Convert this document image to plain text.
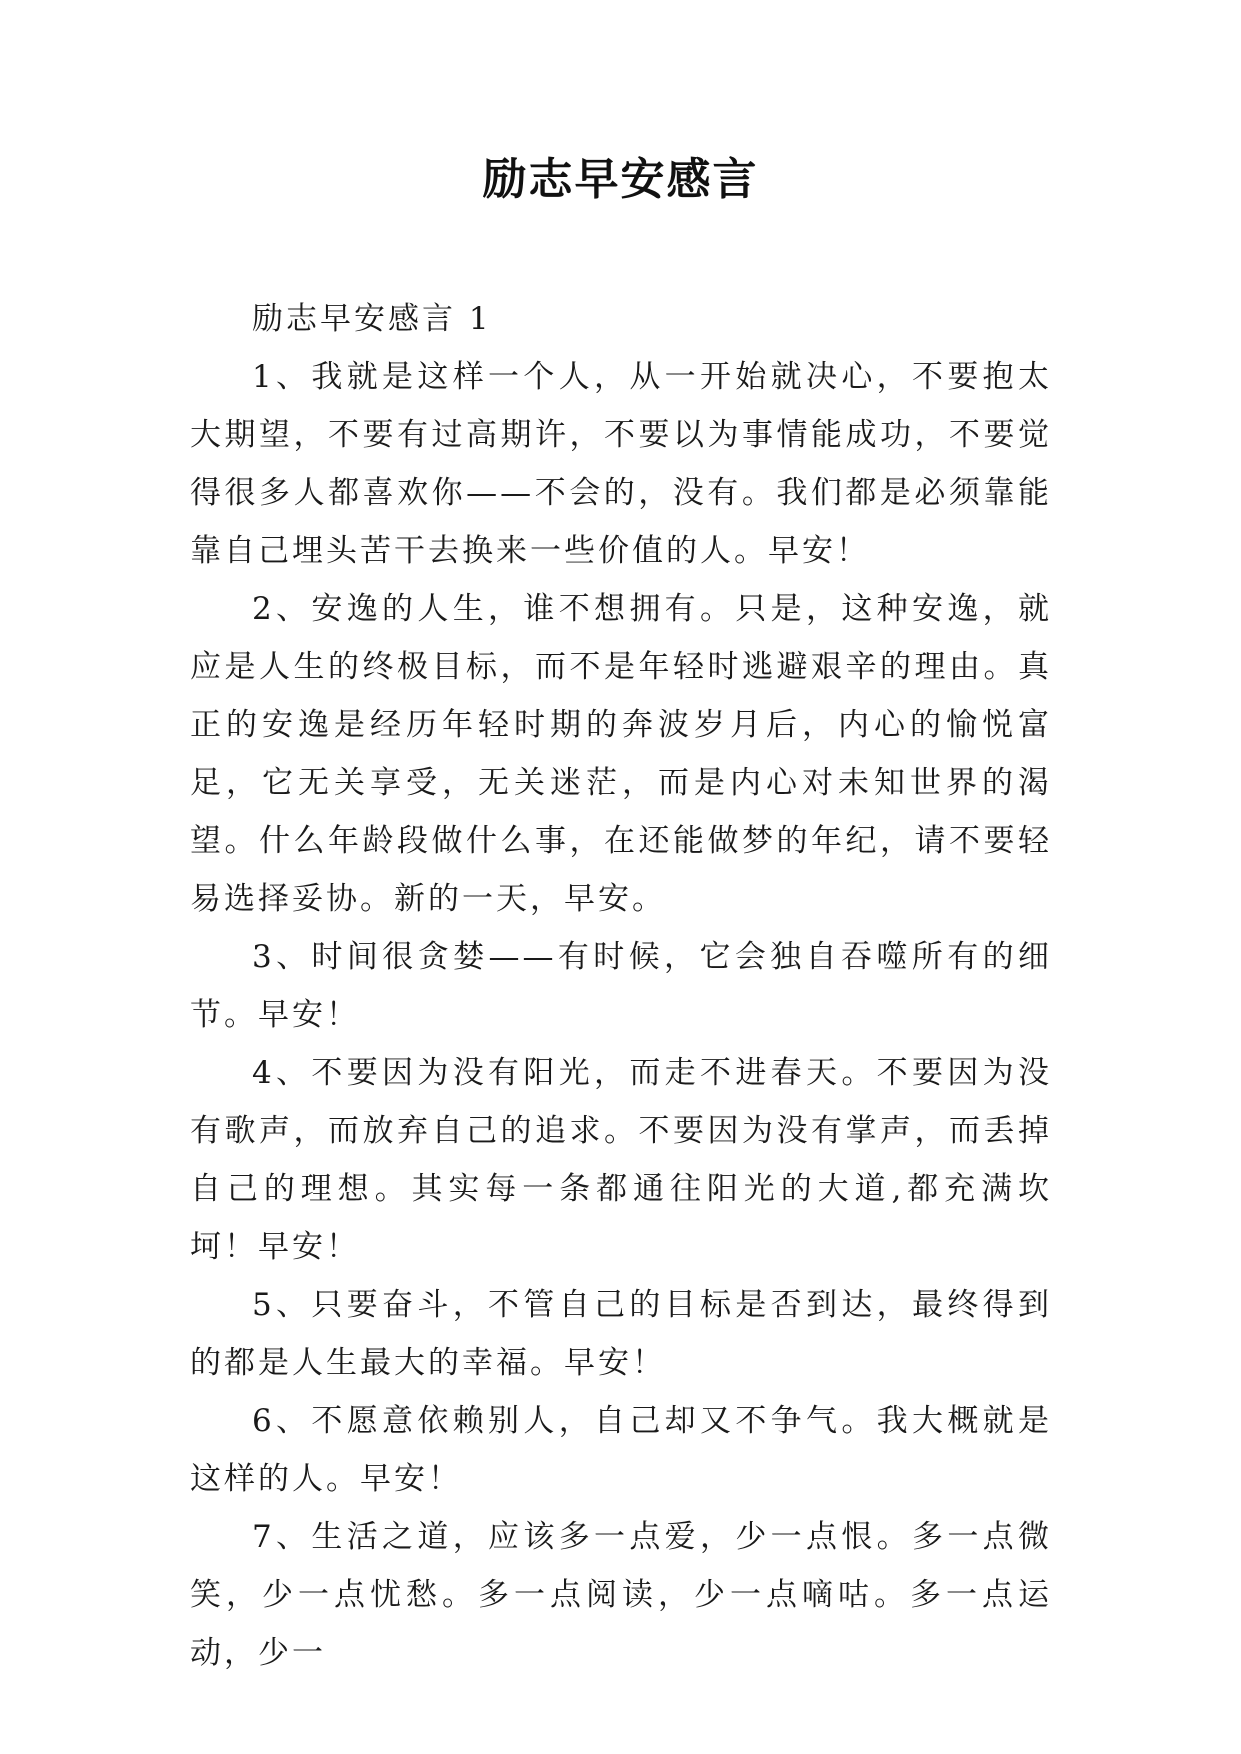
励志早安感言

励志早安感言 1

1、我就是这样一个人，从一开始就决心，不要抱太大期望，不要有过高期许，不要以为事情能成功，不要觉得很多人都喜欢你——不会的，没有。我们都是必须靠能靠自己埋头苦干去换来一些价值的人。早安！

2、安逸的人生，谁不想拥有。只是，这种安逸，就应是人生的终极目标，而不是年轻时逃避艰辛的理由。真正的安逸是经历年轻时期的奔波岁月后，内心的愉悦富足，它无关享受，无关迷茫，而是内心对未知世界的渴望。什么年龄段做什么事，在还能做梦的年纪，请不要轻易选择妥协。新的一天，早安。

3、时间很贪婪——有时候，它会独自吞噬所有的细节。早安！

4、不要因为没有阳光，而走不进春天。不要因为没有歌声，而放弃自己的追求。不要因为没有掌声，而丢掉自己的理想。其实每一条都通往阳光的大道,都充满坎坷！早安！

5、只要奋斗，不管自己的目标是否到达，最终得到的都是人生最大的幸福。早安！

6、不愿意依赖别人，自己却又不争气。我大概就是这样的人。早安！

7、生活之道，应该多一点爱，少一点恨。多一点微笑，少一点忧愁。多一点阅读，少一点嘀咕。多一点运动，少一
